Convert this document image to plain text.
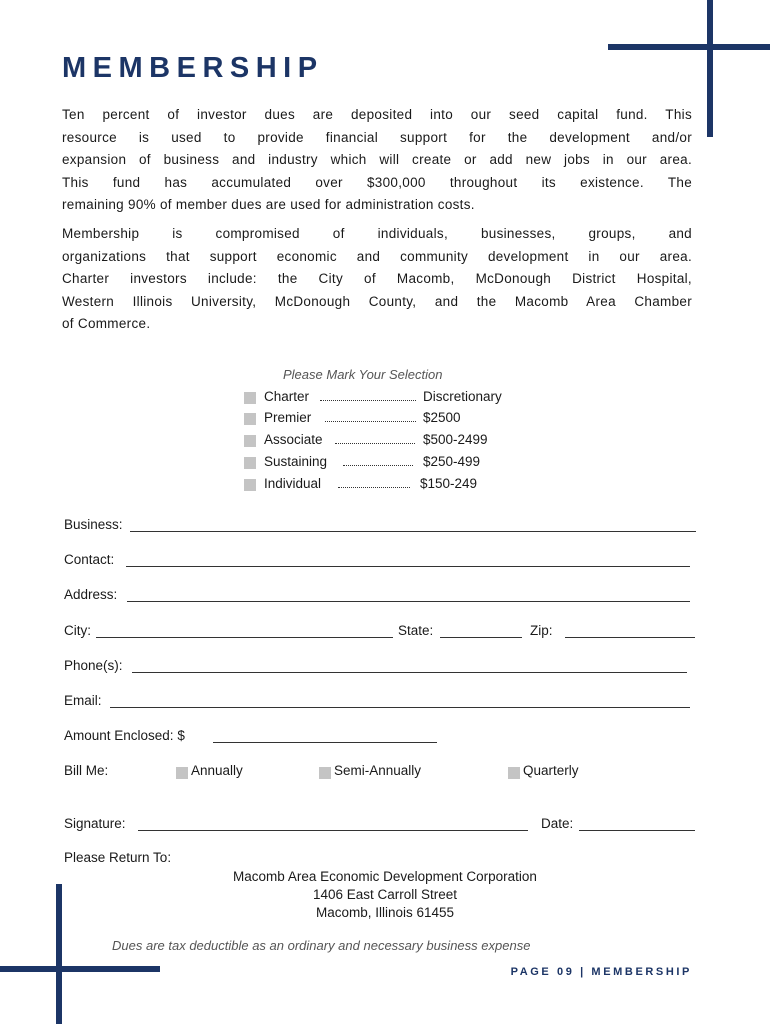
MEMBERSHIP

Ten percent of investor dues are deposited into our seed capital fund. This
resource is used to provide financial support for the development and/or
expansion of business and industry which will create or add new jobs in our area.
This fund has accumulated over $300,000 throughout its existence. The
remaining 90% of member dues are used for administration costs.

Membership is compromised of individuals, businesses, groups, and
organizations that support economic and community development in our area.
Charter investors include: the City of Macomb, McDonough District Hospital,
Western Illinois University, McDonough County, and the Macomb Area Chamber
of Commerce.

Please Mark Your Selection
Charter	Discretionary
Premier	$2500
Associate	$500-2499
Sustaining	$250-499
Individual	$150-249
Business:
Contact:
Address:
City:	State:	Zip:
Phone(s):
Email:
Amount Enclosed: $
Bill Me:	Annually	Semi-Annually	Quarterly
Signature:	Date:
Please Return To:
Macomb Area Economic Development Corporation
1406 East Carroll Street
Macomb, Illinois 61455
Dues are tax deductible as an ordinary and necessary business expense
PAGE 09 | MEMBERSHIP
